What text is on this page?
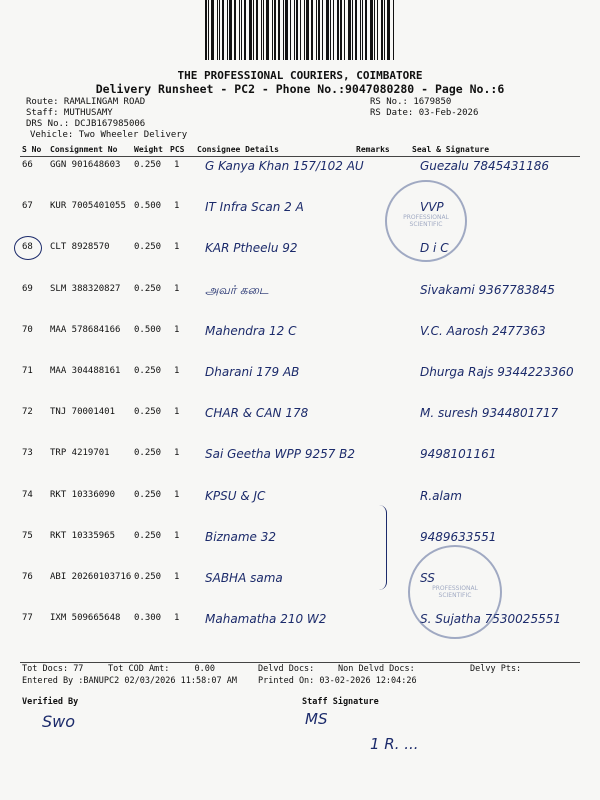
THE PROFESSIONAL COURIERS, COIMBATORE
Delivery Runsheet - PC2 - Phone No.:9047080280 - Page No.:6
Route: RAMALINGAM ROAD
Staff: MUTHUSAMY
DRS No.: DCJB167985006
Vehicle: Two Wheeler Delivery
RS No.: 1679850
RS Date: 03-Feb-2026
S No Consignment No Weight PCS Consignee Details	Remarks	Seal & Signature
66 GGN 901648603 0.250 1 G Kanya Khan 157/102 AU	Guezalu 7845431186
67 KUR 7005401055 0.500 1 IT Infra Scan 2 A	VVP
68 CLT 8928570	0.250 1 KAR Ptheelu 92	D i C
69 SLM 388320827 0.250 1 அவர் கடை	Sivakami 9367783845
70 MAA 578684166 0.500 1 Mahendra 12 C	V.C. Aarosh 2477363
71 MAA 304488161 0.250 1 Dharani 179 AB	Dhurga Rajs 9344223360
72 TNJ 70001401 0.250 1 CHAR & CAN 178	M. suresh 9344801717
73 TRP 4219701	0.250 1 Sai Geetha WPP 9257 B2	9498101161
74 RKT 10336090 0.250 1 KPSU & JC	R.alam
75 RKT 10335965 0.250 1 Bizname 32	9489633551
76 ABI 20260103716 0.250 1 SABHA sama	SS
77 IXM 509665648 0.300 1 Mahamatha 210 W2	S. Sujatha 7530025551
PROFESSIONAL SCIENTIFIC
PROFESSIONAL SCIENTIFIC
Tot Docs: 77	Tot COD Amt:	0.00	Delvd Docs:	Non Delvd Docs:	Delvy Pts:
Entered By :BANUPC2 02/03/2026 11:58:07 AM Printed On: 03-02-2026 12:04:26
Verified By	Staff Signature
Swo	MS
1 R. ...
